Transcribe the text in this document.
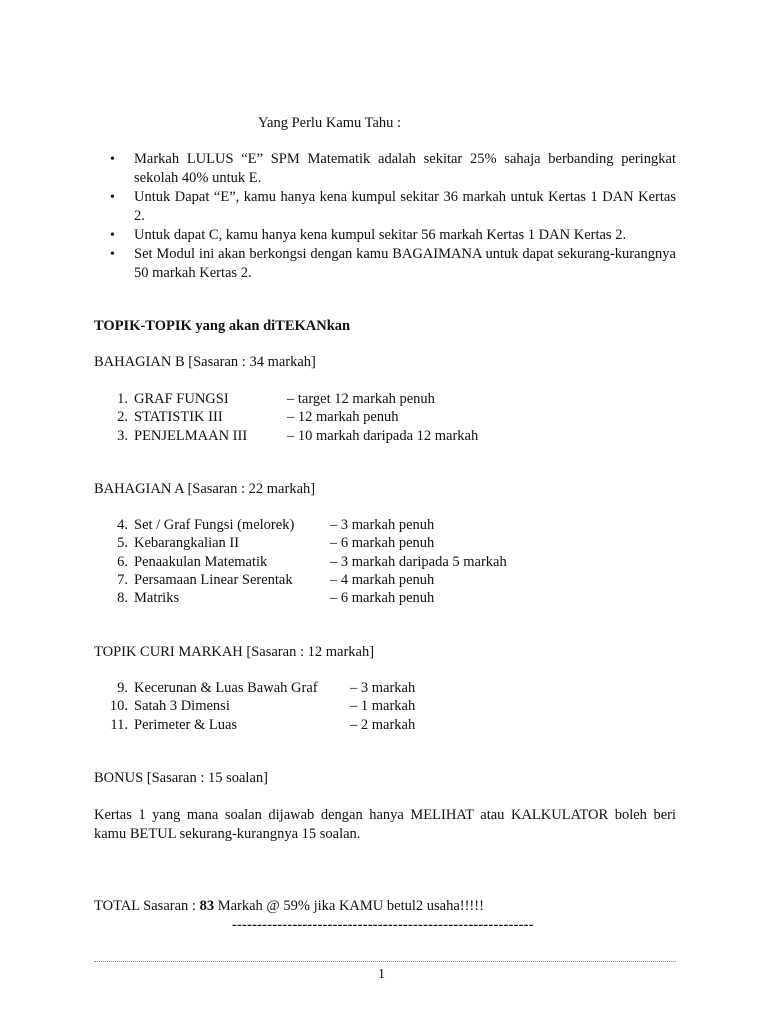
Yang Perlu Kamu Tahu :
• Markah LULUS “E” SPM Matematik adalah sekitar 25% sahaja berbanding peringkat sekolah 40% untuk E.
• Untuk Dapat “E”, kamu hanya kena kumpul sekitar 36 markah untuk Kertas 1 DAN Kertas 2.
• Untuk dapat C, kamu hanya kena kumpul sekitar 56 markah Kertas 1 DAN Kertas 2.
• Set Modul ini akan berkongsi dengan kamu BAGAIMANA untuk dapat sekurang-kurangnya 50 markah Kertas 2.
TOPIK-TOPIK yang akan diTEKANkan
BAHAGIAN B [Sasaran : 34 markah]
1. GRAF FUNGSI	– target 12 markah penuh
2. STATISTIK III	– 12 markah penuh
3. PENJELMAAN III	– 10 markah daripada 12 markah
BAHAGIAN A [Sasaran : 22 markah]
4. Set / Graf Fungsi (melorek)	– 3 markah penuh
5. Kebarangkalian II	– 6 markah penuh
6. Penaakulan Matematik	– 3 markah daripada 5 markah
7. Persamaan Linear Serentak	– 4 markah penuh
8. Matriks	– 6 markah penuh
TOPIK CURI MARKAH [Sasaran : 12 markah]
9. Kecerunan & Luas Bawah Graf	– 3 markah
10. Satah 3 Dimensi	– 1 markah
11. Perimeter & Luas	– 2 markah
BONUS [Sasaran : 15 soalan]
Kertas 1 yang mana soalan dijawab dengan hanya MELIHAT atau KALKULATOR boleh beri kamu BETUL sekurang-kurangnya 15 soalan.
TOTAL Sasaran : 83 Markah @ 59% jika KAMU betul2 usaha!!!!!
------------------------------------------------------------
1
